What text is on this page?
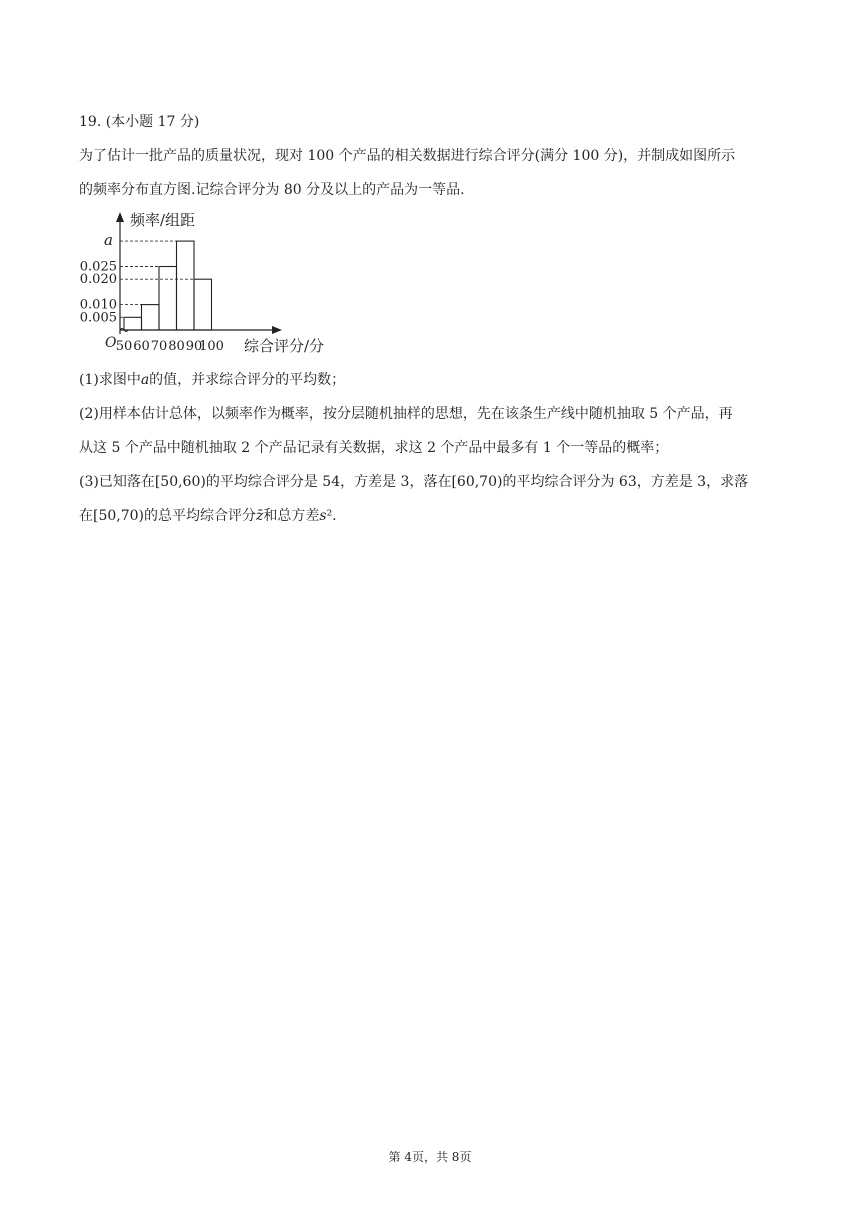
19. (本小题 17 分)

为了估计一批产品的质量状况，现对 100 个产品的相关数据进行综合评分(满分 100 分)，并制成如图所示

的频率分布直方图.记综合评分为 80 分及以上的产品为一等品.

0.005
0.010
0.020
0.025
a
50 60 70 80 90
100
O
频率/组距
综合评分/分

(1)求图中𝑎的值，并求综合评分的平均数；

(2)用样本估计总体，以频率作为概率，按分层随机抽样的思想，先在该条生产线中随机抽取 5 个产品，再

从这 5 个产品中随机抽取 2 个产品记录有关数据，求这 2 个产品中最多有 1 个一等品的概率；

(3)已知落在[50,60)的平均综合评分是 54，方差是 3，落在[60,70)的平均综合评分为 63，方差是 3，求落

在[50,70)的总平均综合评分𝑧̄和总方差𝑠².

第 4页，共 8页
